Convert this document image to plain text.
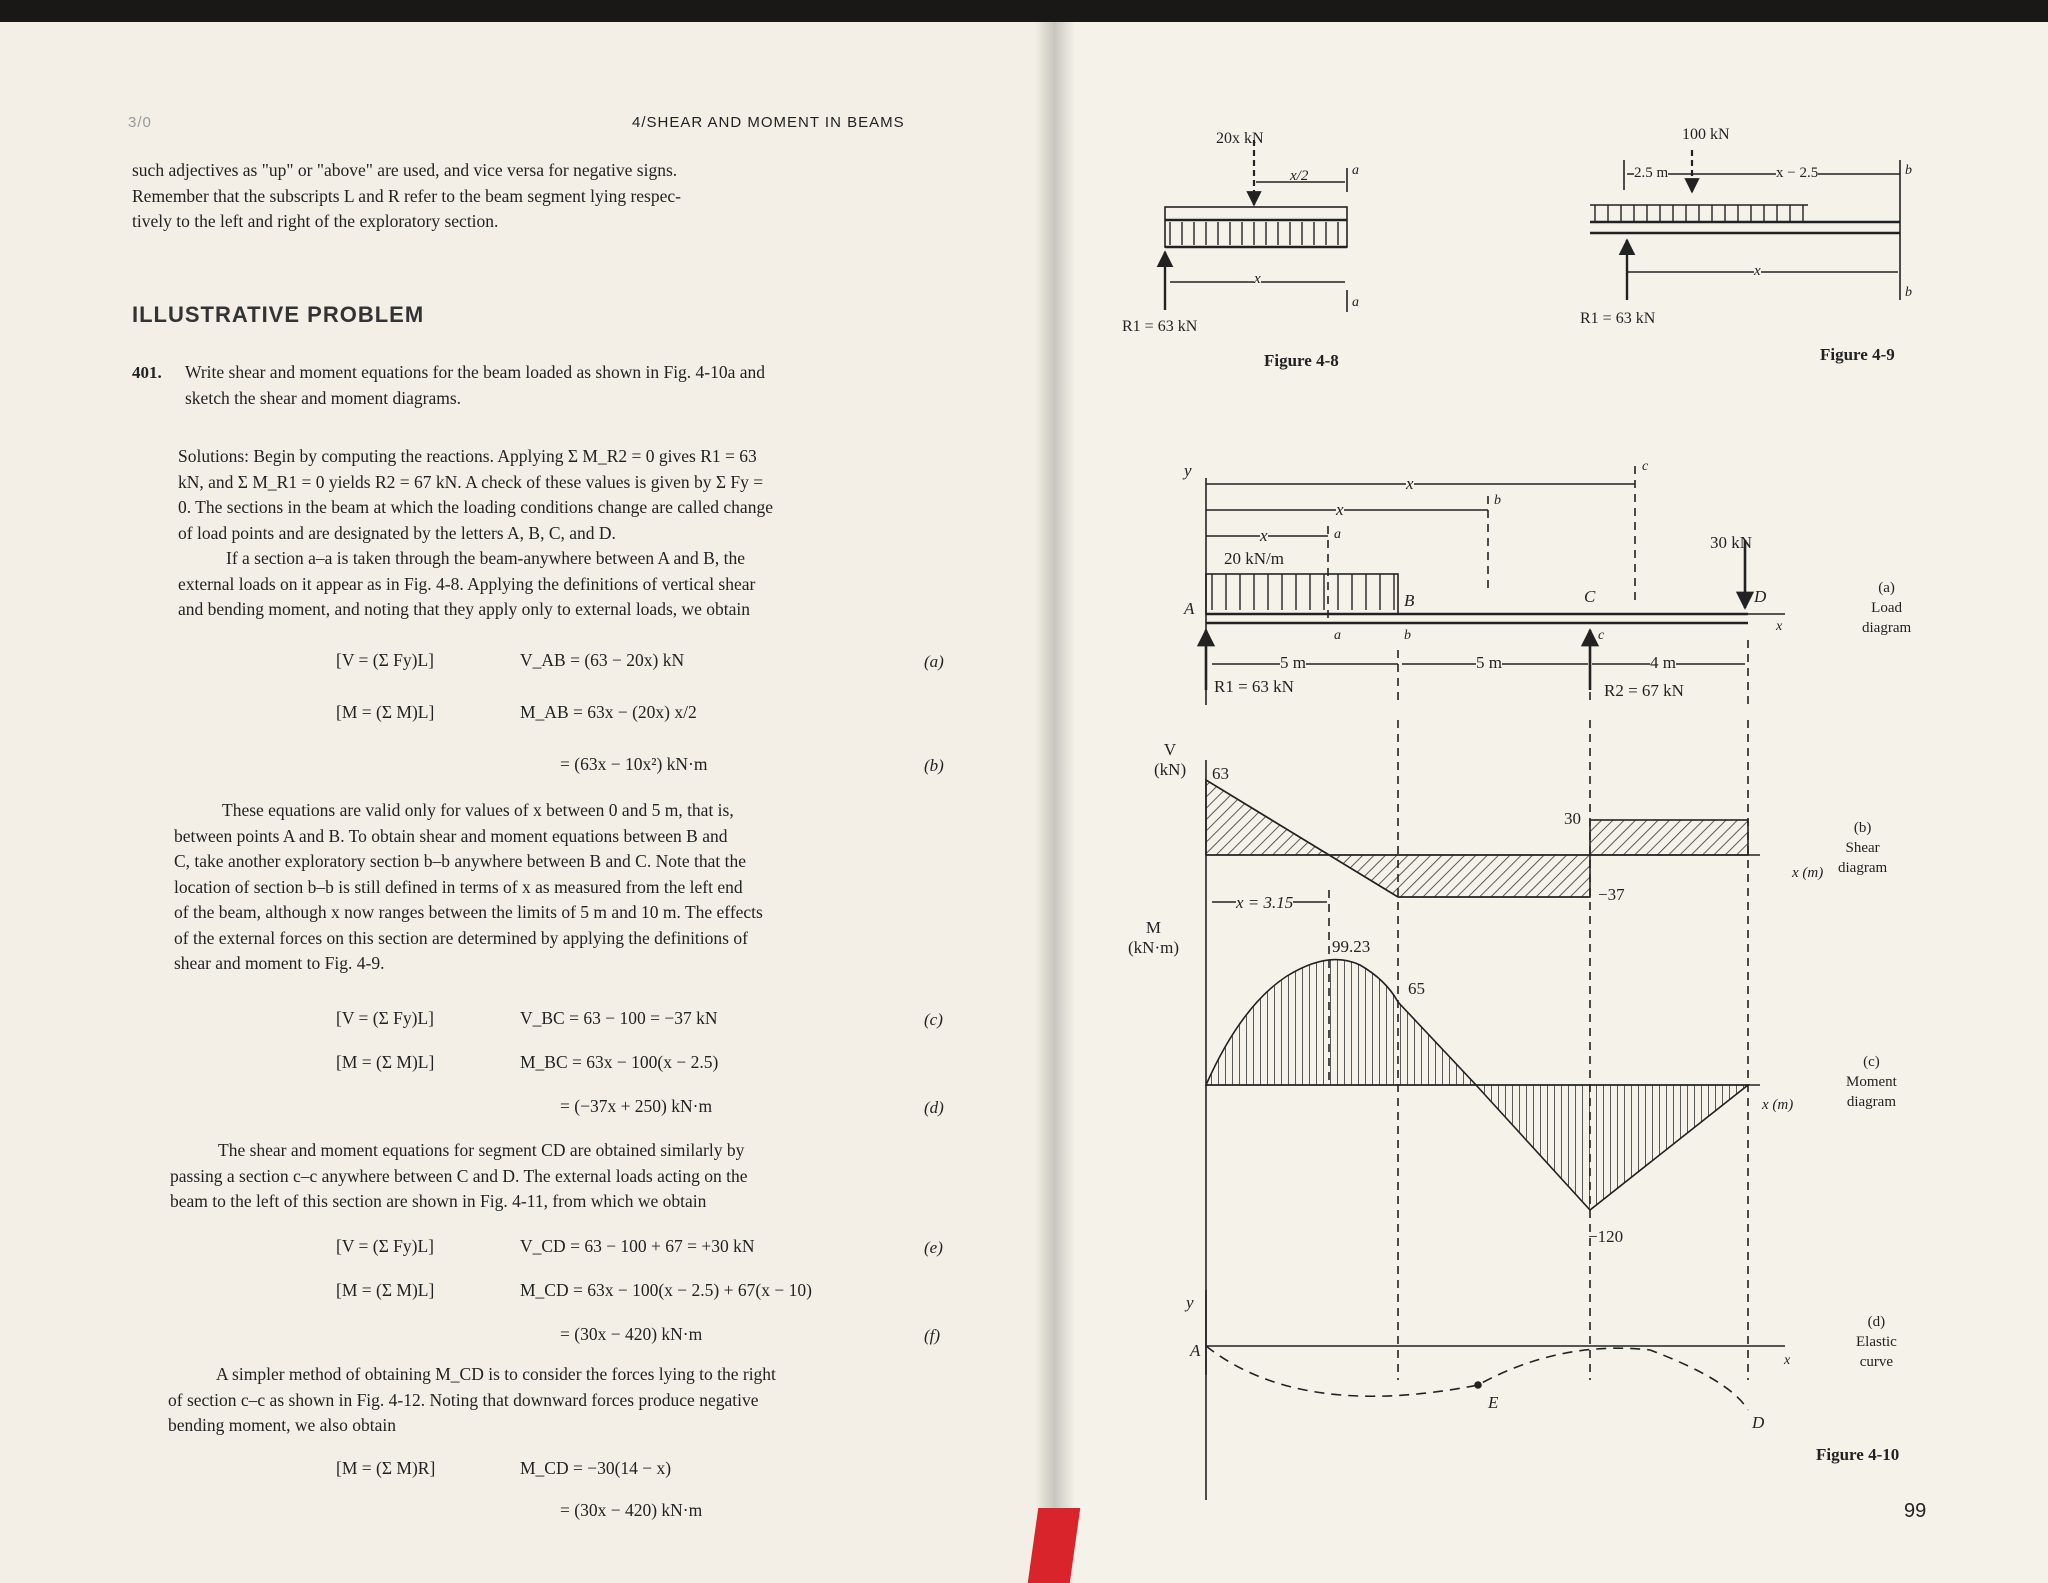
3/0	4/SHEAR AND MOMENT IN BEAMS
such adjectives as "up" or "above" are used, and vice versa for negative signs.
Remember that the subscripts L and R refer to the beam segment lying respec-
tively to the left and right of the exploratory section.
ILLUSTRATIVE PROBLEM
401. Write shear and moment equations for the beam loaded as shown in Fig. 4-10a and
sketch the shear and moment diagrams.
Solutions: Begin by computing the reactions. Applying Σ M_R2 = 0 gives R1 = 63
kN, and Σ M_R1 = 0 yields R2 = 67 kN. A check of these values is given by Σ Fy =
0. The sections in the beam at which the loading conditions change are called change
of load points and are designated by the letters A, B, C, and D.
If a section a–a is taken through the beam-anywhere between A and B, the
external loads on it appear as in Fig. 4-8. Applying the definitions of vertical shear
and bending moment, and noting that they apply only to external loads, we obtain
[V = (Σ Fy)L]	V_AB = (63 − 20x) kN	(a)
[M = (Σ M)L]	M_AB = 63x − (20x) x/2
= (63x − 10x²) kN·m	(b)
These equations are valid only for values of x between 0 and 5 m, that is,
between points A and B. To obtain shear and moment equations between B and
C, take another exploratory section b–b anywhere between B and C. Note that the
location of section b–b is still defined in terms of x as measured from the left end
of the beam, although x now ranges between the limits of 5 m and 10 m. The effects
of the external forces on this section are determined by applying the definitions of
shear and moment to Fig. 4-9.
[V = (Σ Fy)L]	V_BC = 63 − 100 = −37 kN	(c)
[M = (Σ M)L]	M_BC = 63x − 100(x − 2.5)
= (−37x + 250) kN·m	(d)
The shear and moment equations for segment CD are obtained similarly by
passing a section c–c anywhere between C and D. The external loads acting on the
beam to the left of this section are shown in Fig. 4-11, from which we obtain
[V = (Σ Fy)L]	V_CD = 63 − 100 + 67 = +30 kN	(e)
[M = (Σ M)L]	M_CD = 63x − 100(x − 2.5) + 67(x − 10)
= (30x − 420) kN·m	(f)
A simpler method of obtaining M_CD is to consider the forces lying to the right
of section c–c as shown in Fig. 4-12. Noting that downward forces produce negative
bending moment, we also obtain
[M = (Σ M)R]	M_CD = −30(14 − x)
= (30x − 420) kN·m
20x kN
x/2	a
a
x
R1 = 63 kN
Figure 4-8
100 kN
2.5 m	x − 2.5	b
b
x
R1 = 63 kN
Figure 4-9
y
x
x
x
c
b
a
20 kN/m
30 kN
A	B	C	D
x
a	b	c
5 m	5 m	4 m
R1 = 63 kN	R2 = 67 kN
(a)
Load
diagram
V
(kN) 63
30
−37
x = 3.15
x (m)
(b)
Shear
diagram
M
(kN·m)	99.23
65
−120
x (m)
(c)
Moment
diagram
y
A
x
E
D
(d)
Elastic
curve
Figure 4-10
99
